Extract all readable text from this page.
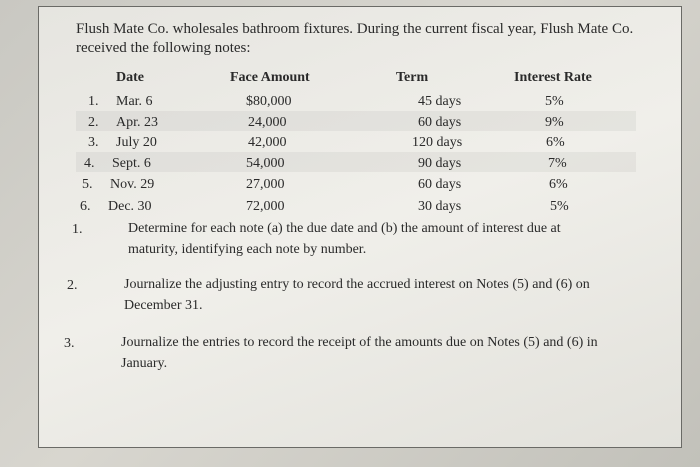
Flush Mate Co. wholesales bathroom fixtures. During the current fiscal year, Flush Mate Co. received the following notes:
Date	Face Amount	Term	Interest Rate
1. Mar. 6	$80,000	45 days	5%
2. Apr. 23	24,000	60 days	9%
3. July 20	42,000	120 days	6%
4. Sept. 6	54,000	90 days	7%
5. Nov. 29	27,000	60 days	6%
6. Dec. 30	72,000	30 days	5%
1.	Determine for each note (a) the due date and (b) the amount of interest due at
maturity, identifying each note by number.
2.	Journalize the adjusting entry to record the accrued interest on Notes (5) and (6) on
December 31.
3.	Journalize the entries to record the receipt of the amounts due on Notes (5) and (6) in
January.
